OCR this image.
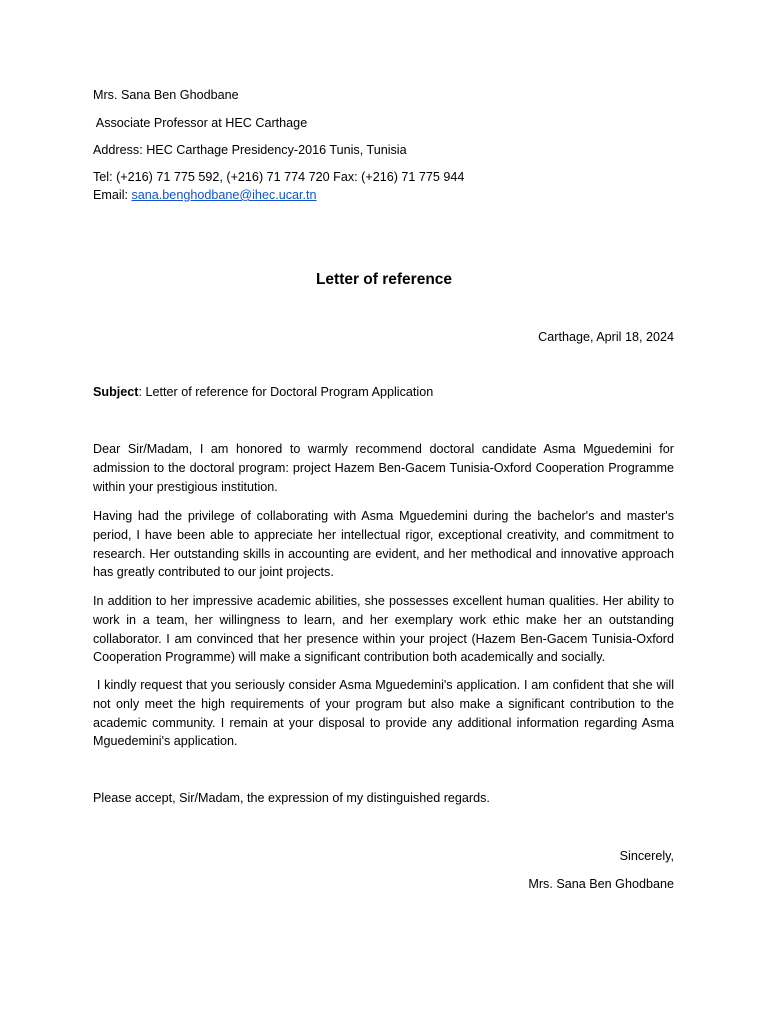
Mrs. Sana Ben Ghodbane
Associate Professor at HEC Carthage
Address: HEC Carthage Presidency-2016 Tunis, Tunisia
Tel: (+216) 71 775 592, (+216) 71 774 720 Fax: (+216) 71 775 944
Email: sana.benghodbane@ihec.ucar.tn
Letter of reference
Carthage, April 18, 2024
Subject: Letter of reference for Doctoral Program Application
Dear Sir/Madam, I am honored to warmly recommend doctoral candidate Asma Mguedemini for admission to the doctoral program: project Hazem Ben-Gacem Tunisia-Oxford Cooperation Programme within your prestigious institution.
Having had the privilege of collaborating with Asma Mguedemini during the bachelor's and master's period, I have been able to appreciate her intellectual rigor, exceptional creativity, and commitment to research. Her outstanding skills in accounting are evident, and her methodical and innovative approach has greatly contributed to our joint projects.
In addition to her impressive academic abilities, she possesses excellent human qualities. Her ability to work in a team, her willingness to learn, and her exemplary work ethic make her an outstanding collaborator. I am convinced that her presence within your project (Hazem Ben-Gacem Tunisia-Oxford Cooperation Programme) will make a significant contribution both academically and socially.
I kindly request that you seriously consider Asma Mguedemini's application. I am confident that she will not only meet the high requirements of your program but also make a significant contribution to the academic community. I remain at your disposal to provide any additional information regarding Asma Mguedemini's application.
Please accept, Sir/Madam, the expression of my distinguished regards.
Sincerely,
Mrs. Sana Ben Ghodbane
